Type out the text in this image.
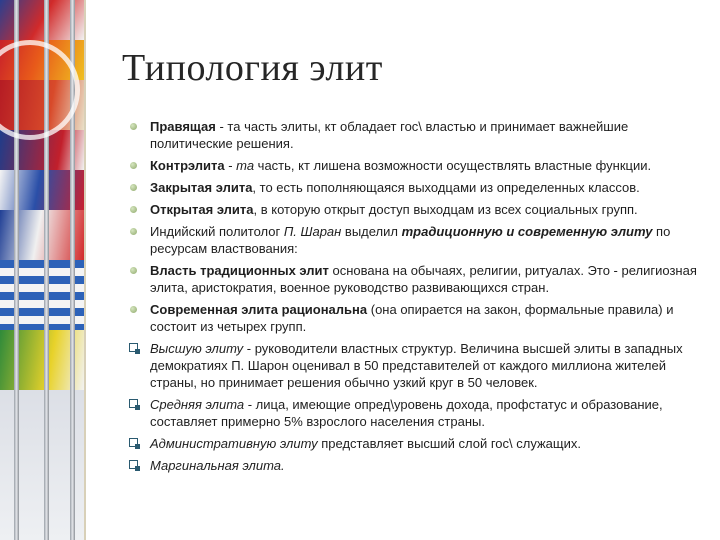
Типология элит
Правящая - та часть элиты, кт обладает гос\ властью и принимает важнейшие политические решения.
Контрэлита - та часть, кт лишена возможности осуществлять властные функции.
Закрытая элита, то есть пополняющаяся выходцами из определенных классов.
Открытая элита, в которую открыт доступ выходцам из всех социальных групп.
Индийский политолог П. Шаран выделил традиционную и современную элиту по ресурсам властвования:
Власть традиционных элит основана на обычаях, религии, ритуалах. Это - религиозная элита, аристократия, военное руководство развивающихся стран.
Современная элита рациональна (она опирается на закон, формальные правила) и состоит из четырех групп.
Высшую элиту - руководители властных структур. Величина высшей элиты в западных демократиях П. Шарон оценивал в 50 представителей от каждого миллиона жителей страны, но принимает решения обычно узкий круг в 50 человек.
Средняя элита - лица, имеющие опред\уровень дохода, профстатус и образование, составляет примерно 5% взрослого населения страны.
Административную элиту представляет высший слой гос\ служащих.
Маргинальная элита.
